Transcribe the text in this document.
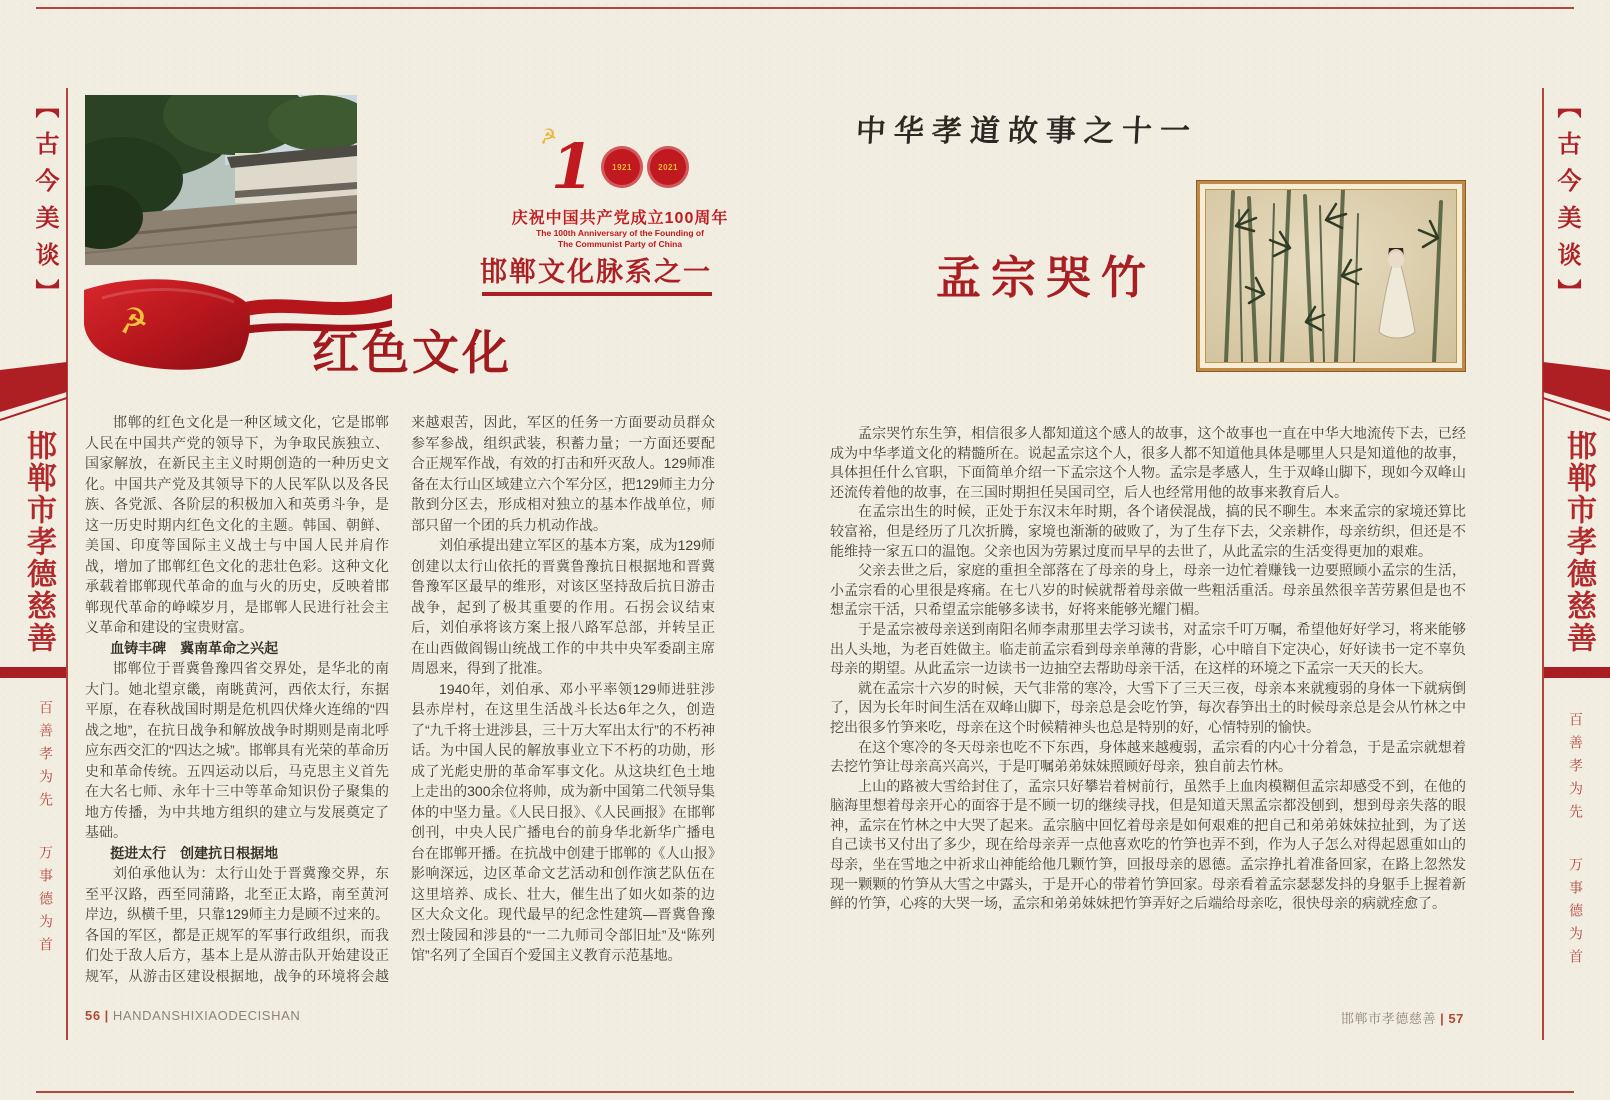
【古今美谈】
邯郸市孝德慈善
百善孝为先
万事德为首
【古今美谈】
邯郸市孝德慈善
百善孝为先
万事德为首
☭
1 1921	2021
庆祝中国共产党成立100周年
The 100th Anniversary of the Founding of
The Communist Party of China
邯郸文化脉系之一
☭
红色文化
邯郸的红色文化是一种区域文化，它是邯郸人民在中国共产党的领导下，为争取民族独立、国家解放，在新民主主义时期创造的一种历史文化。中国共产党及其领导下的人民军队以及各民族、各党派、各阶层的积极加入和英勇斗争，是这一历史时期内红色文化的主题。韩国、朝鲜、美国、印度等国际主义战士与中国人民并肩作战，增加了邯郸红色文化的悲壮色彩。这种文化承载着邯郸现代革命的血与火的历史，反映着邯郸现代革命的峥嵘岁月，是邯郸人民进行社会主义革命和建设的宝贵财富。
血铸丰碑　冀南革命之兴起
邯郸位于晋冀鲁豫四省交界处，是华北的南大门。她北望京畿，南眺黄河，西依太行，东据平原，在春秋战国时期是危机四伏烽火连绵的“四战之地”，在抗日战争和解放战争时期则是南北呼应东西交汇的“四达之城”。邯郸具有光荣的革命历史和革命传统。五四运动以后，马克思主义首先在大名七师、永年十三中等革命知识份子聚集的地方传播，为中共地方组织的建立与发展奠定了基础。
挺进太行　创建抗日根据地
刘伯承他认为：太行山处于晋冀豫交界，东至平汉路，西至同蒲路，北至正太路，南至黄河岸边，纵横千里，只靠129师主力是顾不过来的。各国的军区，都是正规军的军事行政组织，而我们处于敌人后方，基本上是从游击队开始建设正规军，从游击区建设根据地，战争的环境将会越来越艰苦，因此，军区的任务一方面要动员群众参军参战，组织武装，积蓄力量；一方面还要配合正规军作战，有效的打击和歼灭敌人。129师准备在太行山区域建立六个军分区，把129师主力分散到分区去，形成相对独立的基本作战单位，师部只留一个团的兵力机动作战。
刘伯承提出建立军区的基本方案，成为129师创建以太行山依托的晋冀鲁豫抗日根据地和晋冀鲁豫军区最早的维形，对该区坚持敌后抗日游击战争，起到了极其重要的作用。石拐会议结束后，刘伯承将该方案上报八路军总部，并转呈正在山西做阎锡山统战工作的中共中央军委副主席周恩来，得到了批准。
1940年，刘伯承、邓小平率领129师进驻涉县赤岸村，在这里生活战斗长达6年之久，创造了“九千将士进涉县，三十万大军出太行”的不朽神话。为中国人民的解放事业立下不朽的功勋，形成了光彪史册的革命军事文化。从这块红色土地上走出的300余位将帅，成为新中国第二代领导集体的中坚力量。《人民日报》、《人民画报》在邯郸创刊，中央人民广播电台的前身华北新华广播电台在邯郸开播。在抗战中创建于邯郸的《人山报》影响深远，边区革命文艺活动和创作演艺队伍在这里培养、成长、壮大，催生出了如火如荼的边区大众文化。现代最早的纪念性建筑—晋冀鲁豫烈士陵园和涉县的“一二九师司令部旧址”及“陈列馆”名列了全国百个爱国主义教育示范基地。
中华孝道故事之十一
孟宗哭竹
孟宗哭竹东生笋，相信很多人都知道这个感人的故事，这个故事也一直在中华大地流传下去，已经成为中华孝道文化的精髓所在。说起孟宗这个人，很多人都不知道他具体是哪里人只是知道他的故事，具体担任什么官职，下面简单介绍一下孟宗这个人物。孟宗是孝感人，生于双峰山脚下，现如今双峰山还流传着他的故事，在三国时期担任吴国司空，后人也经常用他的故事来教育后人。
在孟宗出生的时候，正处于东汉末年时期，各个诸侯混战，搞的民不聊生。本来孟宗的家境还算比较富裕，但是经历了几次折腾，家境也渐渐的破败了，为了生存下去，父亲耕作，母亲纺织，但还是不能维持一家五口的温饱。父亲也因为劳累过度而早早的去世了，从此孟宗的生活变得更加的艰难。
父亲去世之后，家庭的重担全部落在了母亲的身上，母亲一边忙着赚钱一边要照顾小孟宗的生活，小孟宗看的心里很是疼痛。在七八岁的时候就帮着母亲做一些粗活重活。母亲虽然很辛苦劳累但是也不想孟宗干活，只希望孟宗能够多读书，好将来能够光耀门楣。
于是孟宗被母亲送到南阳名师李肃那里去学习读书，对孟宗千叮万嘱，希望他好好学习，将来能够出人头地，为老百姓做主。临走前孟宗看到母亲单薄的背影，心中暗自下定决心，好好读书一定不辜负母亲的期望。从此孟宗一边读书一边抽空去帮助母亲干活，在这样的环境之下孟宗一天天的长大。
就在孟宗十六岁的时候，天气非常的寒冷，大雪下了三天三夜，母亲本来就瘦弱的身体一下就病倒了，因为长年时间生活在双峰山脚下，母亲总是会吃竹笋，每次春笋出土的时候母亲总是会从竹林之中挖出很多竹笋来吃，母亲在这个时候精神头也总是特别的好，心情特别的愉快。
在这个寒冷的冬天母亲也吃不下东西，身体越来越瘦弱，孟宗看的内心十分着急，于是孟宗就想着去挖竹笋让母亲高兴高兴，于是叮嘱弟弟妹妹照顾好母亲，独自前去竹林。
上山的路被大雪给封住了，孟宗只好攀岩着树前行，虽然手上血肉模糊但孟宗却感受不到，在他的脑海里想着母亲开心的面容于是不顾一切的继续寻找，但是知道天黑孟宗都没刨到，想到母亲失落的眼神，孟宗在竹林之中大哭了起来。孟宗脑中回忆着母亲是如何艰难的把自己和弟弟妹妹拉扯到，为了送自己读书又付出了多少，现在给母亲弄一点他喜欢吃的竹笋也弄不到，作为人子怎么对得起恩重如山的母亲，坐在雪地之中祈求山神能给他几颗竹笋，回报母亲的恩德。孟宗挣扎着准备回家，在路上忽然发现一颗颗的竹笋从大雪之中露头，于是开心的带着竹笋回家。母亲看着孟宗瑟瑟发抖的身躯手上握着新鲜的竹笋，心疼的大哭一场，孟宗和弟弟妹妹把竹笋弄好之后端给母亲吃，很快母亲的病就痊愈了。
56 | HANDANSHIXIAODECISHAN	邯郸市孝德慈善 | 57
